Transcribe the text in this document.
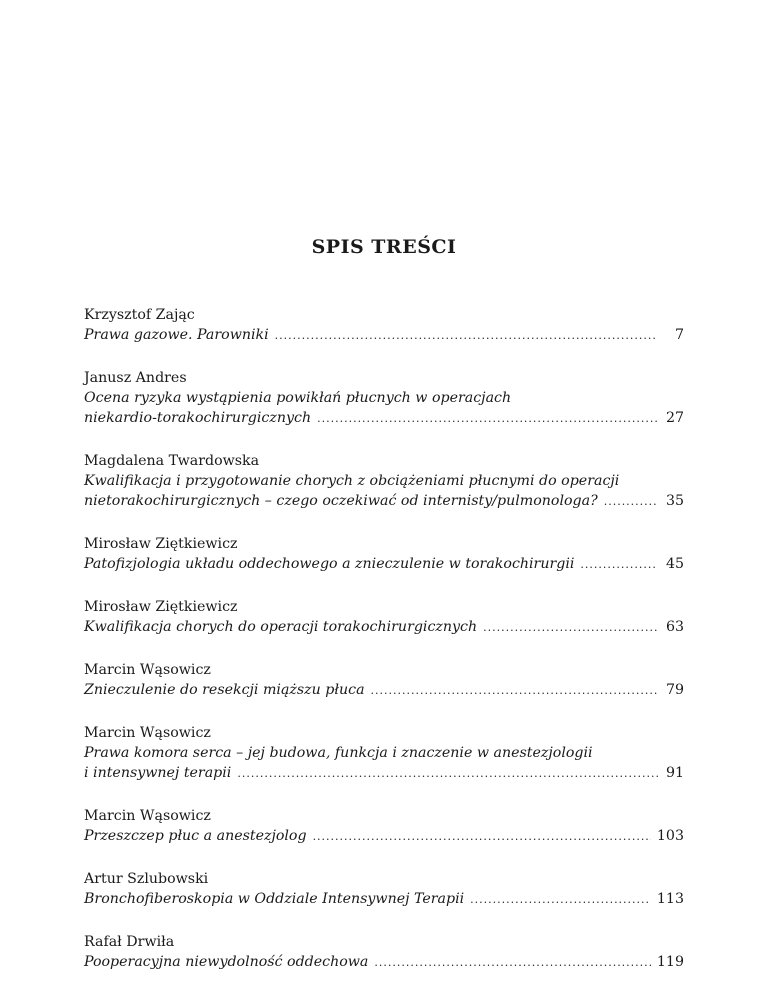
SPIS TREŚCI
Krzysztof Zając
Prawa gazowe. Parowniki .....	7
Janusz Andres
Ocena ryzyka wystąpienia powikłań płucnych w operacjach
niekardio-torakochirurgicznych .....	27
Magdalena Twardowska
Kwalifikacja i przygotowanie chorych z obciążeniami płucnymi do operacji
nietorakochirurgicznych – czego oczekiwać od internisty/pulmonologa? .....	35
Mirosław Ziętkiewicz
Patofizjologia układu oddechowego a znieczulenie w torakochirurgii .....	45
Mirosław Ziętkiewicz
Kwalifikacja chorych do operacji torakochirurgicznych .....	63
Marcin Wąsowicz
Znieczulenie do resekcji miąższu płuca .....	79
Marcin Wąsowicz
Prawa komora serca – jej budowa, funkcja i znaczenie w anestezjologii
i intensywnej terapii .....	91
Marcin Wąsowicz
Przeszczep płuc a anestezjolog .....	103
Artur Szlubowski
Bronchofiberoskopia w Oddziale Intensywnej Terapii .....	113
Rafał Drwiła
Pooperacyjna niewydolność oddechowa .....	119
